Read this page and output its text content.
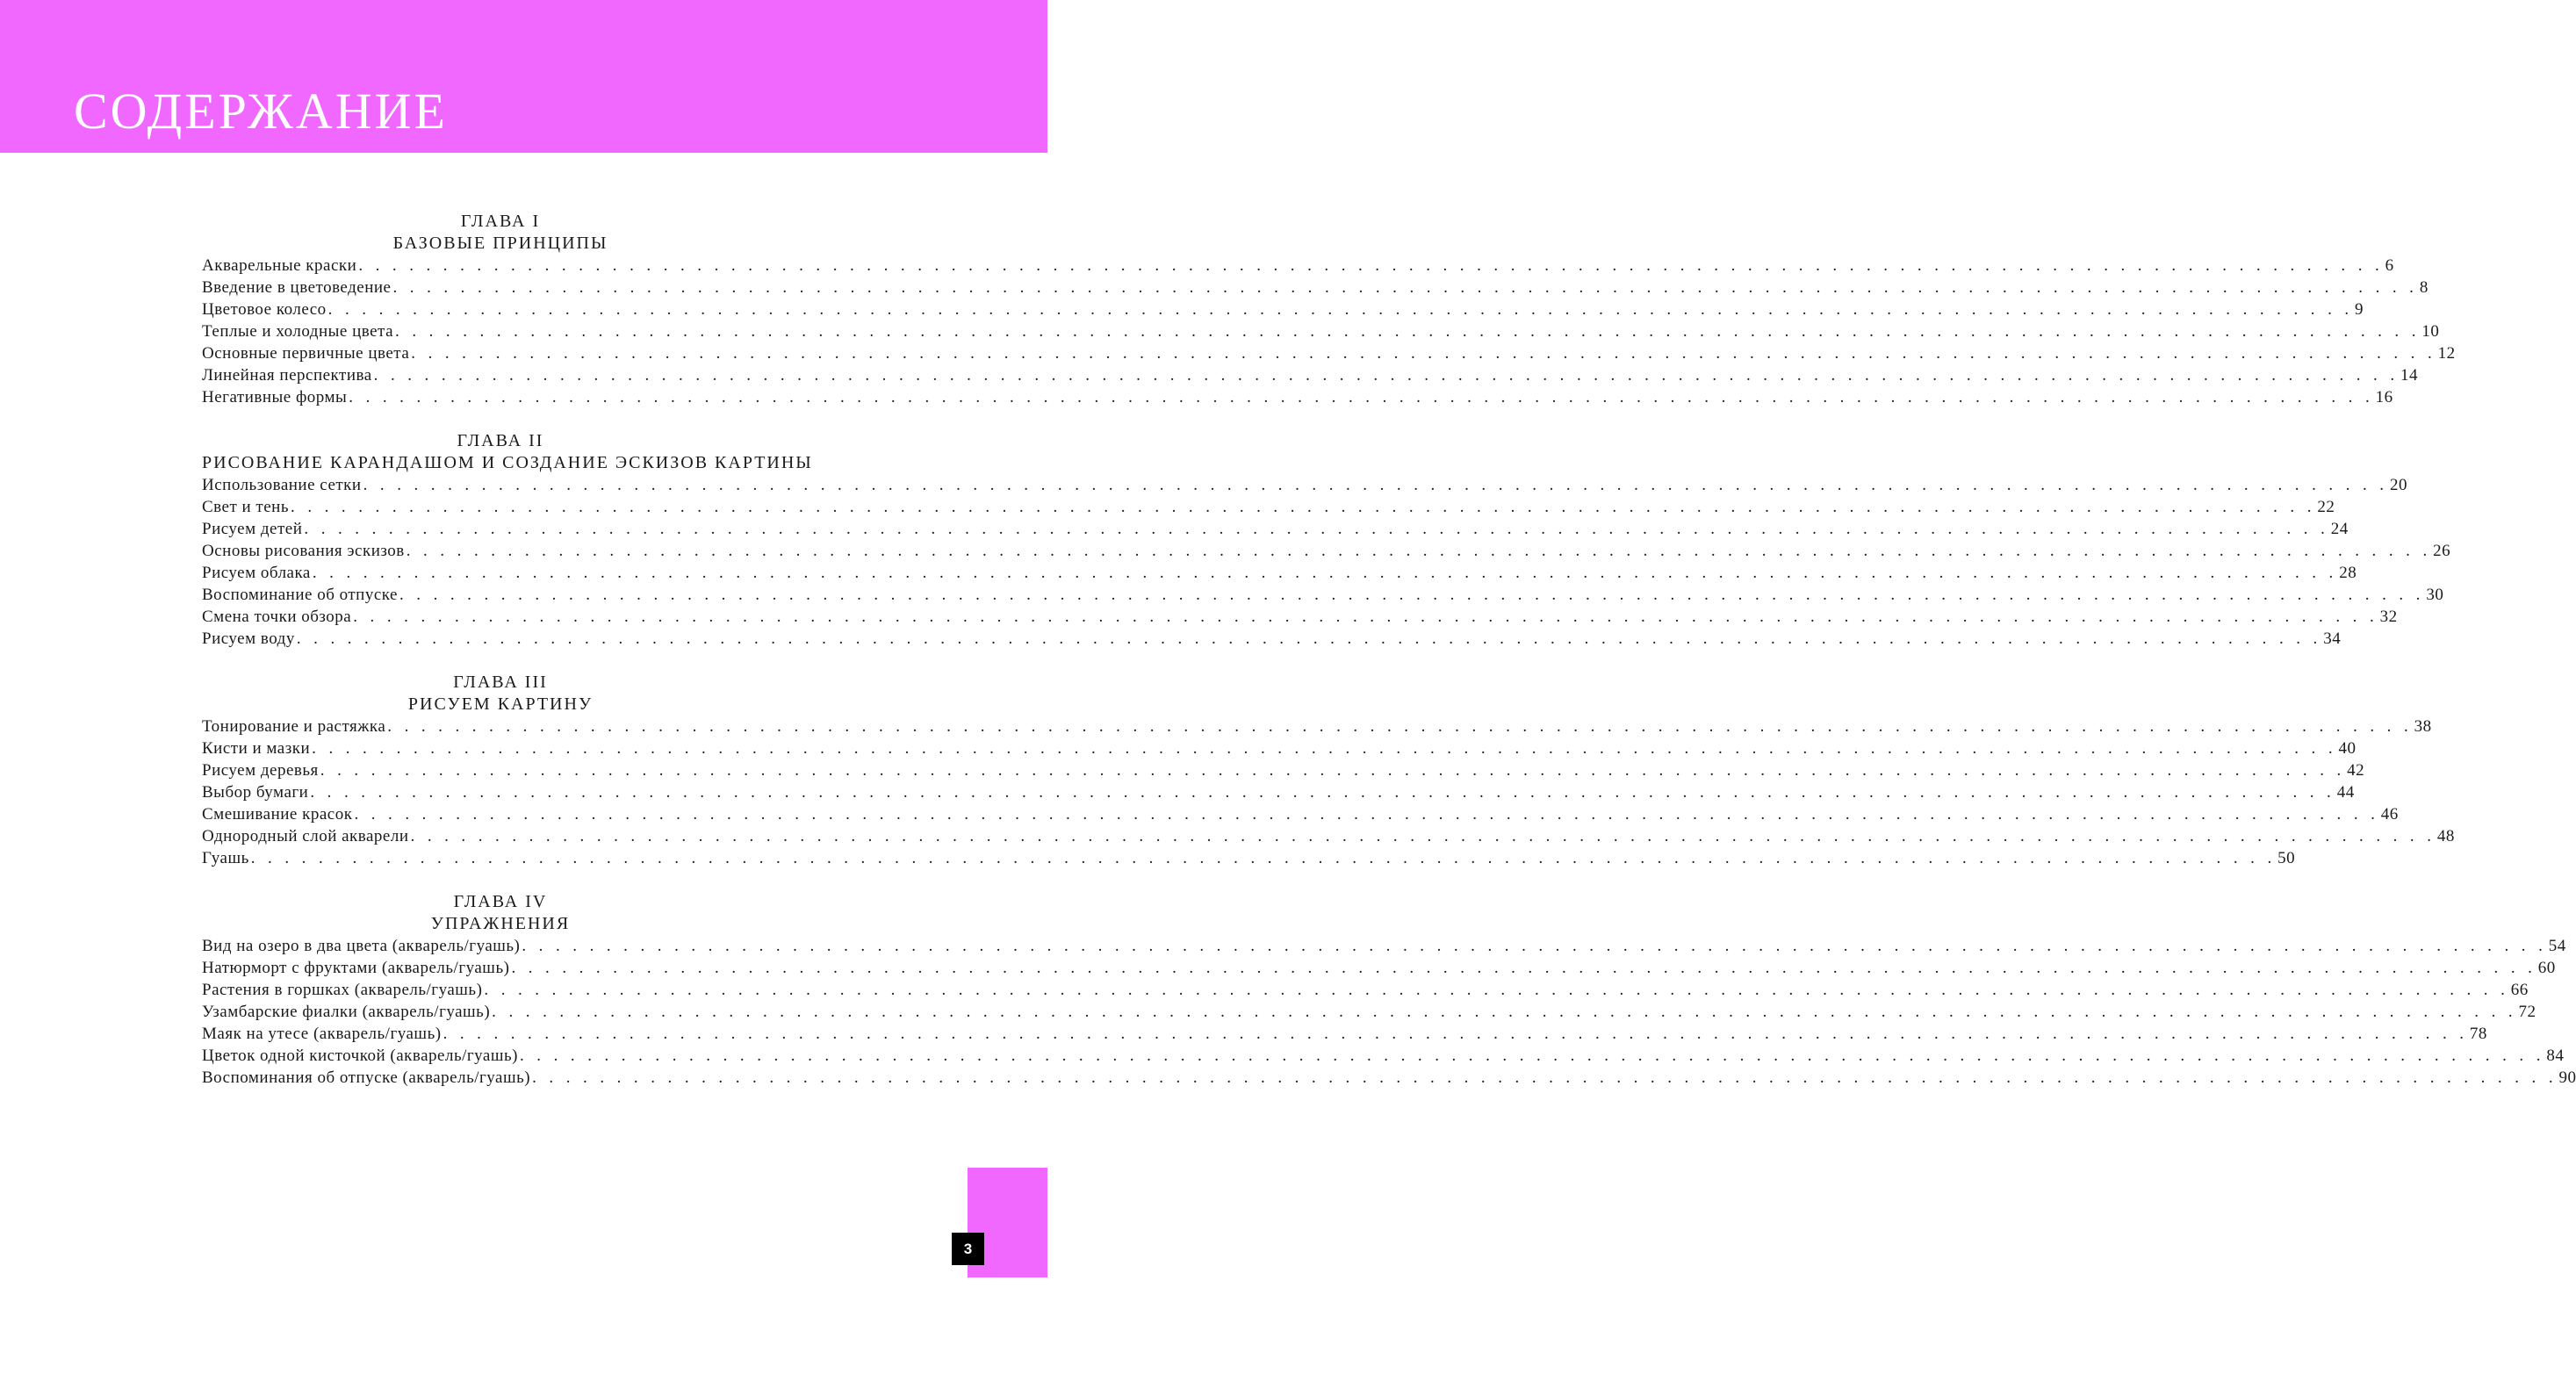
СОДЕРЖАНИЕ
ГЛАВА I
БАЗОВЫЕ ПРИНЦИПЫ
Акварельные краски . . . . . . . . . . . . . . . . . . . . . . . . . . . . . . . . . . . . . . . . . . . . . . . . . . . . . . . . . . . . . . . . . . . . . . . . . . . . . . . . . . . . . . . . . . . . . . . . . . . . . . . . . . . . . . . . . . . . . . . . 6
Введение в цветоведение . . . . . . . . . . . . . . . . . . . . . . . . . . . . . . . . . . . . . . . . . . . . . . . . . . . . . . . . . . . . . . . . . . . . . . . . . . . . . . . . . . . . . . . . . . . . . . . . . . . . . . . . . . . . . . . . . . . . . . . . 8
Цветовое колесо . . . . . . . . . . . . . . . . . . . . . . . . . . . . . . . . . . . . . . . . . . . . . . . . . . . . . . . . . . . . . . . . . . . . . . . . . . . . . . . . . . . . . . . . . . . . . . . . . . . . . . . . . . . . . . . . . . . . . . . . 9
Теплые и холодные цвета . . . . . . . . . . . . . . . . . . . . . . . . . . . . . . . . . . . . . . . . . . . . . . . . . . . . . . . . . . . . . . . . . . . . . . . . . . . . . . . . . . . . . . . . . . . . . . . . . . . . . . . . . . . . . . . . . . . . . . . . 10
Основные первичные цвета . . . . . . . . . . . . . . . . . . . . . . . . . . . . . . . . . . . . . . . . . . . . . . . . . . . . . . . . . . . . . . . . . . . . . . . . . . . . . . . . . . . . . . . . . . . . . . . . . . . . . . . . . . . . . . . . . . . . . . . . 12
Линейная перспектива . . . . . . . . . . . . . . . . . . . . . . . . . . . . . . . . . . . . . . . . . . . . . . . . . . . . . . . . . . . . . . . . . . . . . . . . . . . . . . . . . . . . . . . . . . . . . . . . . . . . . . . . . . . . . . . . . . . . . . . . 14
Негативные формы . . . . . . . . . . . . . . . . . . . . . . . . . . . . . . . . . . . . . . . . . . . . . . . . . . . . . . . . . . . . . . . . . . . . . . . . . . . . . . . . . . . . . . . . . . . . . . . . . . . . . . . . . . . . . . . . . . . . . . . . 16
ГЛАВА II
РИСОВАНИЕ КАРАНДАШОМ И СОЗДАНИЕ ЭСКИЗОВ КАРТИНЫ
Использование сетки . . . . . . . . . . . . . . . . . . . . . . . . . . . . . . . . . . . . . . . . . . . . . . . . . . . . . . . . . . . . . . . . . . . . . . . . . . . . . . . . . . . . . . . . . . . . . . . . . . . . . . . . . . . . . . . . . . . . . . . . 20
Свет и тень . . . . . . . . . . . . . . . . . . . . . . . . . . . . . . . . . . . . . . . . . . . . . . . . . . . . . . . . . . . . . . . . . . . . . . . . . . . . . . . . . . . . . . . . . . . . . . . . . . . . . . . . . . . . . . . . . . . . . . . . 22
Рисуем детей . . . . . . . . . . . . . . . . . . . . . . . . . . . . . . . . . . . . . . . . . . . . . . . . . . . . . . . . . . . . . . . . . . . . . . . . . . . . . . . . . . . . . . . . . . . . . . . . . . . . . . . . . . . . . . . . . . . . . . . . 24
Основы рисования эскизов . . . . . . . . . . . . . . . . . . . . . . . . . . . . . . . . . . . . . . . . . . . . . . . . . . . . . . . . . . . . . . . . . . . . . . . . . . . . . . . . . . . . . . . . . . . . . . . . . . . . . . . . . . . . . . . . . . . . . . . . 26
Рисуем облака . . . . . . . . . . . . . . . . . . . . . . . . . . . . . . . . . . . . . . . . . . . . . . . . . . . . . . . . . . . . . . . . . . . . . . . . . . . . . . . . . . . . . . . . . . . . . . . . . . . . . . . . . . . . . . . . . . . . . . . . 28
Воспоминание об отпуске . . . . . . . . . . . . . . . . . . . . . . . . . . . . . . . . . . . . . . . . . . . . . . . . . . . . . . . . . . . . . . . . . . . . . . . . . . . . . . . . . . . . . . . . . . . . . . . . . . . . . . . . . . . . . . . . . . . . . . . . 30
Смена точки обзора . . . . . . . . . . . . . . . . . . . . . . . . . . . . . . . . . . . . . . . . . . . . . . . . . . . . . . . . . . . . . . . . . . . . . . . . . . . . . . . . . . . . . . . . . . . . . . . . . . . . . . . . . . . . . . . . . . . . . . . . 32
Рисуем воду . . . . . . . . . . . . . . . . . . . . . . . . . . . . . . . . . . . . . . . . . . . . . . . . . . . . . . . . . . . . . . . . . . . . . . . . . . . . . . . . . . . . . . . . . . . . . . . . . . . . . . . . . . . . . . . . . . . . . . . . 34
ГЛАВА III
РИСУЕМ КАРТИНУ
Тонирование и растяжка . . . . . . . . . . . . . . . . . . . . . . . . . . . . . . . . . . . . . . . . . . . . . . . . . . . . . . . . . . . . . . . . . . . . . . . . . . . . . . . . . . . . . . . . . . . . . . . . . . . . . . . . . . . . . . . . . . . . . . . . 38
Кисти и мазки . . . . . . . . . . . . . . . . . . . . . . . . . . . . . . . . . . . . . . . . . . . . . . . . . . . . . . . . . . . . . . . . . . . . . . . . . . . . . . . . . . . . . . . . . . . . . . . . . . . . . . . . . . . . . . . . . . . . . . . . 40
Рисуем деревья . . . . . . . . . . . . . . . . . . . . . . . . . . . . . . . . . . . . . . . . . . . . . . . . . . . . . . . . . . . . . . . . . . . . . . . . . . . . . . . . . . . . . . . . . . . . . . . . . . . . . . . . . . . . . . . . . . . . . . . . 42
Выбор бумаги . . . . . . . . . . . . . . . . . . . . . . . . . . . . . . . . . . . . . . . . . . . . . . . . . . . . . . . . . . . . . . . . . . . . . . . . . . . . . . . . . . . . . . . . . . . . . . . . . . . . . . . . . . . . . . . . . . . . . . . . 44
Смешивание красок . . . . . . . . . . . . . . . . . . . . . . . . . . . . . . . . . . . . . . . . . . . . . . . . . . . . . . . . . . . . . . . . . . . . . . . . . . . . . . . . . . . . . . . . . . . . . . . . . . . . . . . . . . . . . . . . . . . . . . . . 46
Однородный слой акварели . . . . . . . . . . . . . . . . . . . . . . . . . . . . . . . . . . . . . . . . . . . . . . . . . . . . . . . . . . . . . . . . . . . . . . . . . . . . . . . . . . . . . . . . . . . . . . . . . . . . . . . . . . . . . . . . . . . . . . . . 48
Гуашь . . . . . . . . . . . . . . . . . . . . . . . . . . . . . . . . . . . . . . . . . . . . . . . . . . . . . . . . . . . . . . . . . . . . . . . . . . . . . . . . . . . . . . . . . . . . . . . . . . . . . . . . . . . . . . . . . . . . . . . . 50
ГЛАВА IV
УПРАЖНЕНИЯ
Вид на озеро в два цвета (акварель/гуашь) . . . . . . . . . . . . . . . . . . . . . . . . . . . . . . . . . . . . . . . . . . . . . . . . . . . . . . . . . . . . . . . . . . . . . . . . . . . . . . . . . . . . . . . . . . . . . . . . . . . . . . . . . . . . . . . . . . . . . . . . 54
Натюрморт с фруктами (акварель/гуашь) . . . . . . . . . . . . . . . . . . . . . . . . . . . . . . . . . . . . . . . . . . . . . . . . . . . . . . . . . . . . . . . . . . . . . . . . . . . . . . . . . . . . . . . . . . . . . . . . . . . . . . . . . . . . . . . . . . . . . . . . 60
Растения в горшках (акварель/гуашь) . . . . . . . . . . . . . . . . . . . . . . . . . . . . . . . . . . . . . . . . . . . . . . . . . . . . . . . . . . . . . . . . . . . . . . . . . . . . . . . . . . . . . . . . . . . . . . . . . . . . . . . . . . . . . . . . . . . . . . . . 66
Узамбарские фиалки (акварель/гуашь) . . . . . . . . . . . . . . . . . . . . . . . . . . . . . . . . . . . . . . . . . . . . . . . . . . . . . . . . . . . . . . . . . . . . . . . . . . . . . . . . . . . . . . . . . . . . . . . . . . . . . . . . . . . . . . . . . . . . . . . . 72
Маяк на утесе (акварель/гуашь) . . . . . . . . . . . . . . . . . . . . . . . . . . . . . . . . . . . . . . . . . . . . . . . . . . . . . . . . . . . . . . . . . . . . . . . . . . . . . . . . . . . . . . . . . . . . . . . . . . . . . . . . . . . . . . . . . . . . . . . . 78
Цветок одной кисточкой (акварель/гуашь) . . . . . . . . . . . . . . . . . . . . . . . . . . . . . . . . . . . . . . . . . . . . . . . . . . . . . . . . . . . . . . . . . . . . . . . . . . . . . . . . . . . . . . . . . . . . . . . . . . . . . . . . . . . . . . . . . . . . . . . . 84
Воспоминания об отпуске (акварель/гуашь) . . . . . . . . . . . . . . . . . . . . . . . . . . . . . . . . . . . . . . . . . . . . . . . . . . . . . . . . . . . . . . . . . . . . . . . . . . . . . . . . . . . . . . . . . . . . . . . . . . . . . . . . . . . . . . . . . . . . . . . . 90
3
